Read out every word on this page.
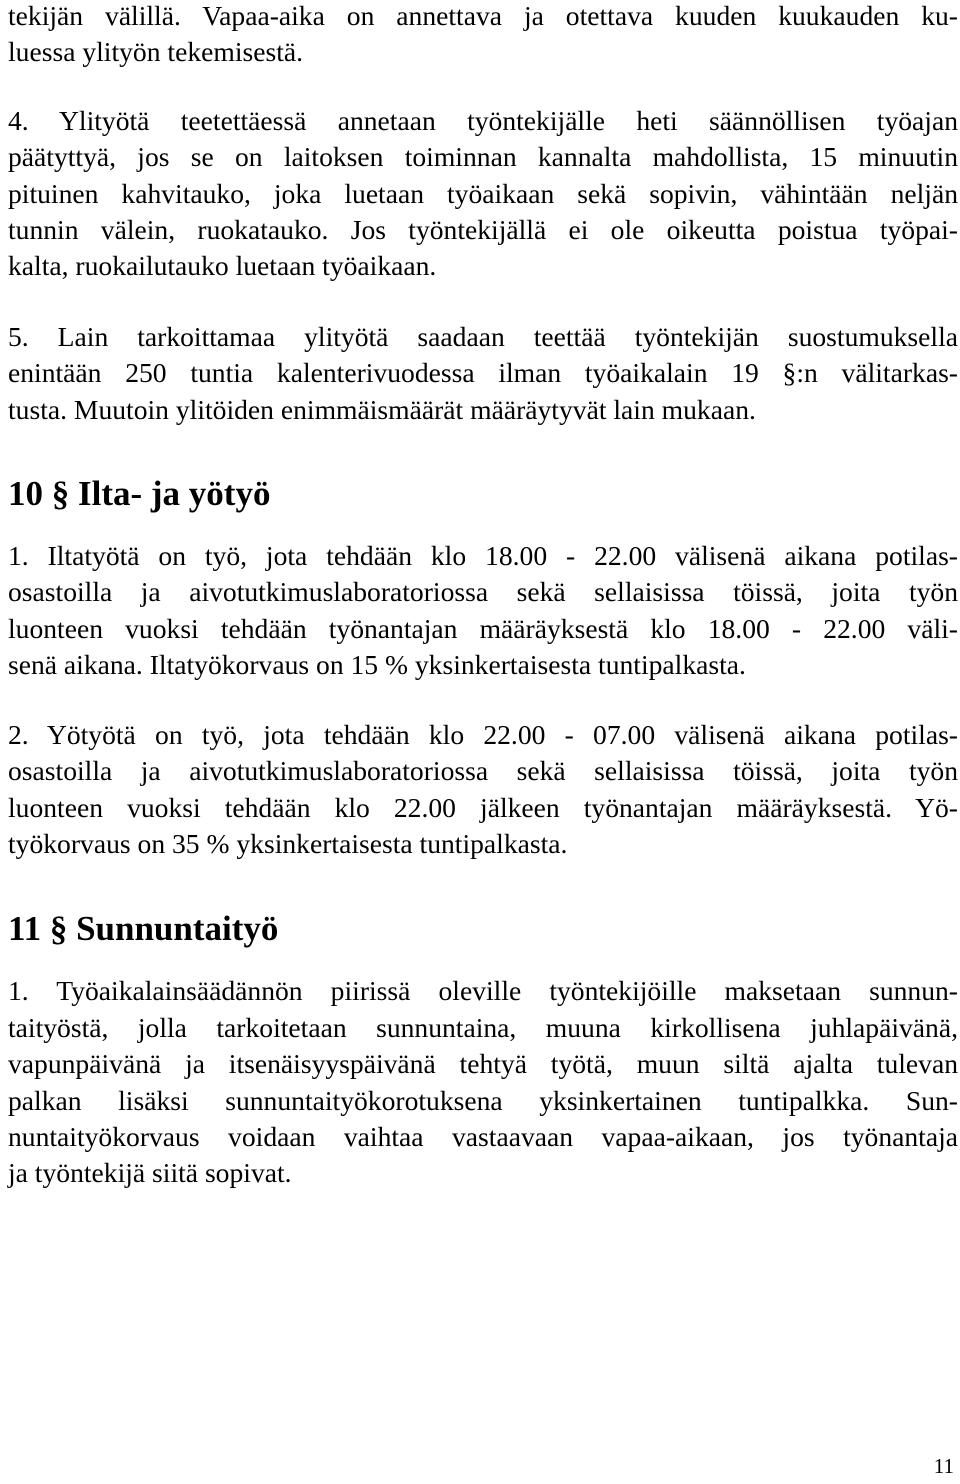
tekijän välillä. Vapaa-aika on annettava ja otettava kuuden kuukauden ku-
luessa ylityön tekemisestä.

4. Ylityötä teetettäessä annetaan työntekijälle heti säännöllisen työajan
päätyttyä, jos se on laitoksen toiminnan kannalta mahdollista, 15 minuutin
pituinen kahvitauko, joka luetaan työaikaan sekä sopivin, vähintään neljän
tunnin välein, ruokatauko. Jos työntekijällä ei ole oikeutta poistua työpai-
kalta, ruokailutauko luetaan työaikaan.

5. Lain tarkoittamaa ylityötä saadaan teettää työntekijän suostumuksella
enintään 250 tuntia kalenterivuodessa ilman työaikalain 19 §:n välitarkas-
tusta. Muutoin ylitöiden enimmäismäärät määräytyvät lain mukaan.

10 § Ilta- ja yötyö

1. Iltatyötä on työ, jota tehdään klo 18.00 - 22.00 välisenä aikana potilas-
osastoilla ja aivotutkimuslaboratoriossa sekä sellaisissa töissä, joita työn
luonteen vuoksi tehdään työnantajan määräyksestä klo 18.00 - 22.00 väli-
senä aikana. Iltatyökorvaus on 15 % yksinkertaisesta tuntipalkasta.

2. Yötyötä on työ, jota tehdään klo 22.00 - 07.00 välisenä aikana potilas-
osastoilla ja aivotutkimuslaboratoriossa sekä sellaisissa töissä, joita työn
luonteen vuoksi tehdään klo 22.00 jälkeen työnantajan määräyksestä. Yö-
työkorvaus on 35 % yksinkertaisesta tuntipalkasta.

11 § Sunnuntaityö

1. Työaikalainsäädännön piirissä oleville työntekijöille maksetaan sunnun-
taityöstä, jolla tarkoitetaan sunnuntaina, muuna kirkollisena juhlapäivänä,
vapunpäivänä ja itsenäisyyspäivänä tehtyä työtä, muun siltä ajalta tulevan
palkan lisäksi sunnuntaityökorotuksena yksinkertainen tuntipalkka. Sun-
nuntaityökorvaus voidaan vaihtaa vastaavaan vapaa-aikaan, jos työnantaja
ja työntekijä siitä sopivat.

11
